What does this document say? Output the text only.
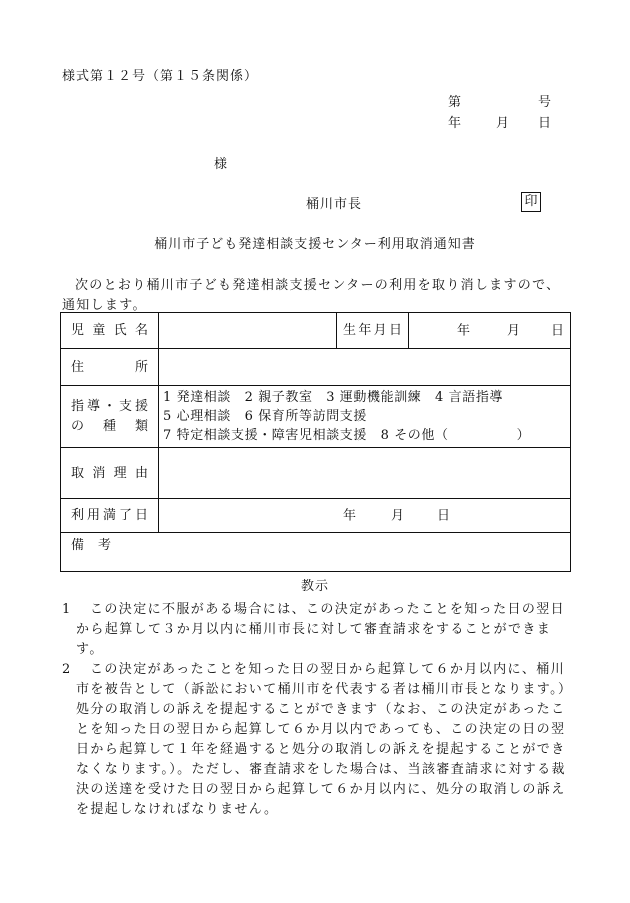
様式第１２号（第１５条関係）
第	号
年	月 日
様
桶川市長	印
桶川市子ども発達相談支援センター利用取消通知書
次のとおり桶川市子ども発達相談支援センターの利用を取り消しますので、通知します。
児童氏名		生年月日	年 月 日

住所			

指導・支援
の種類	1 発達相談　2 親子教室　3 運動機能訓練　4 言語指導
5 心理相談　6 保育所等訪問支援
7 特定相談支援・障害児相談支援　8 その他（　　　　　）		

取消理由			
利用満了日	年 月 日		

備考			
教示
1	この決定に不服がある場合には、この決定があったことを知った日の翌日から起算して３か月以内に桶川市長に対して審査請求をすることができます。
2	この決定があったことを知った日の翌日から起算して６か月以内に、桶川市を被告として（訴訟において桶川市を代表する者は桶川市長となります。）処分の取消しの訴えを提起することができます（なお、この決定があったことを知った日の翌日から起算して６か月以内であっても、この決定の日の翌日から起算して１年を経過すると処分の取消しの訴えを提起することができなくなります。）。ただし、審査請求をした場合は、当該審査請求に対する裁決の送達を受けた日の翌日から起算して６か月以内に、処分の取消しの訴えを提起しなければなりません。
